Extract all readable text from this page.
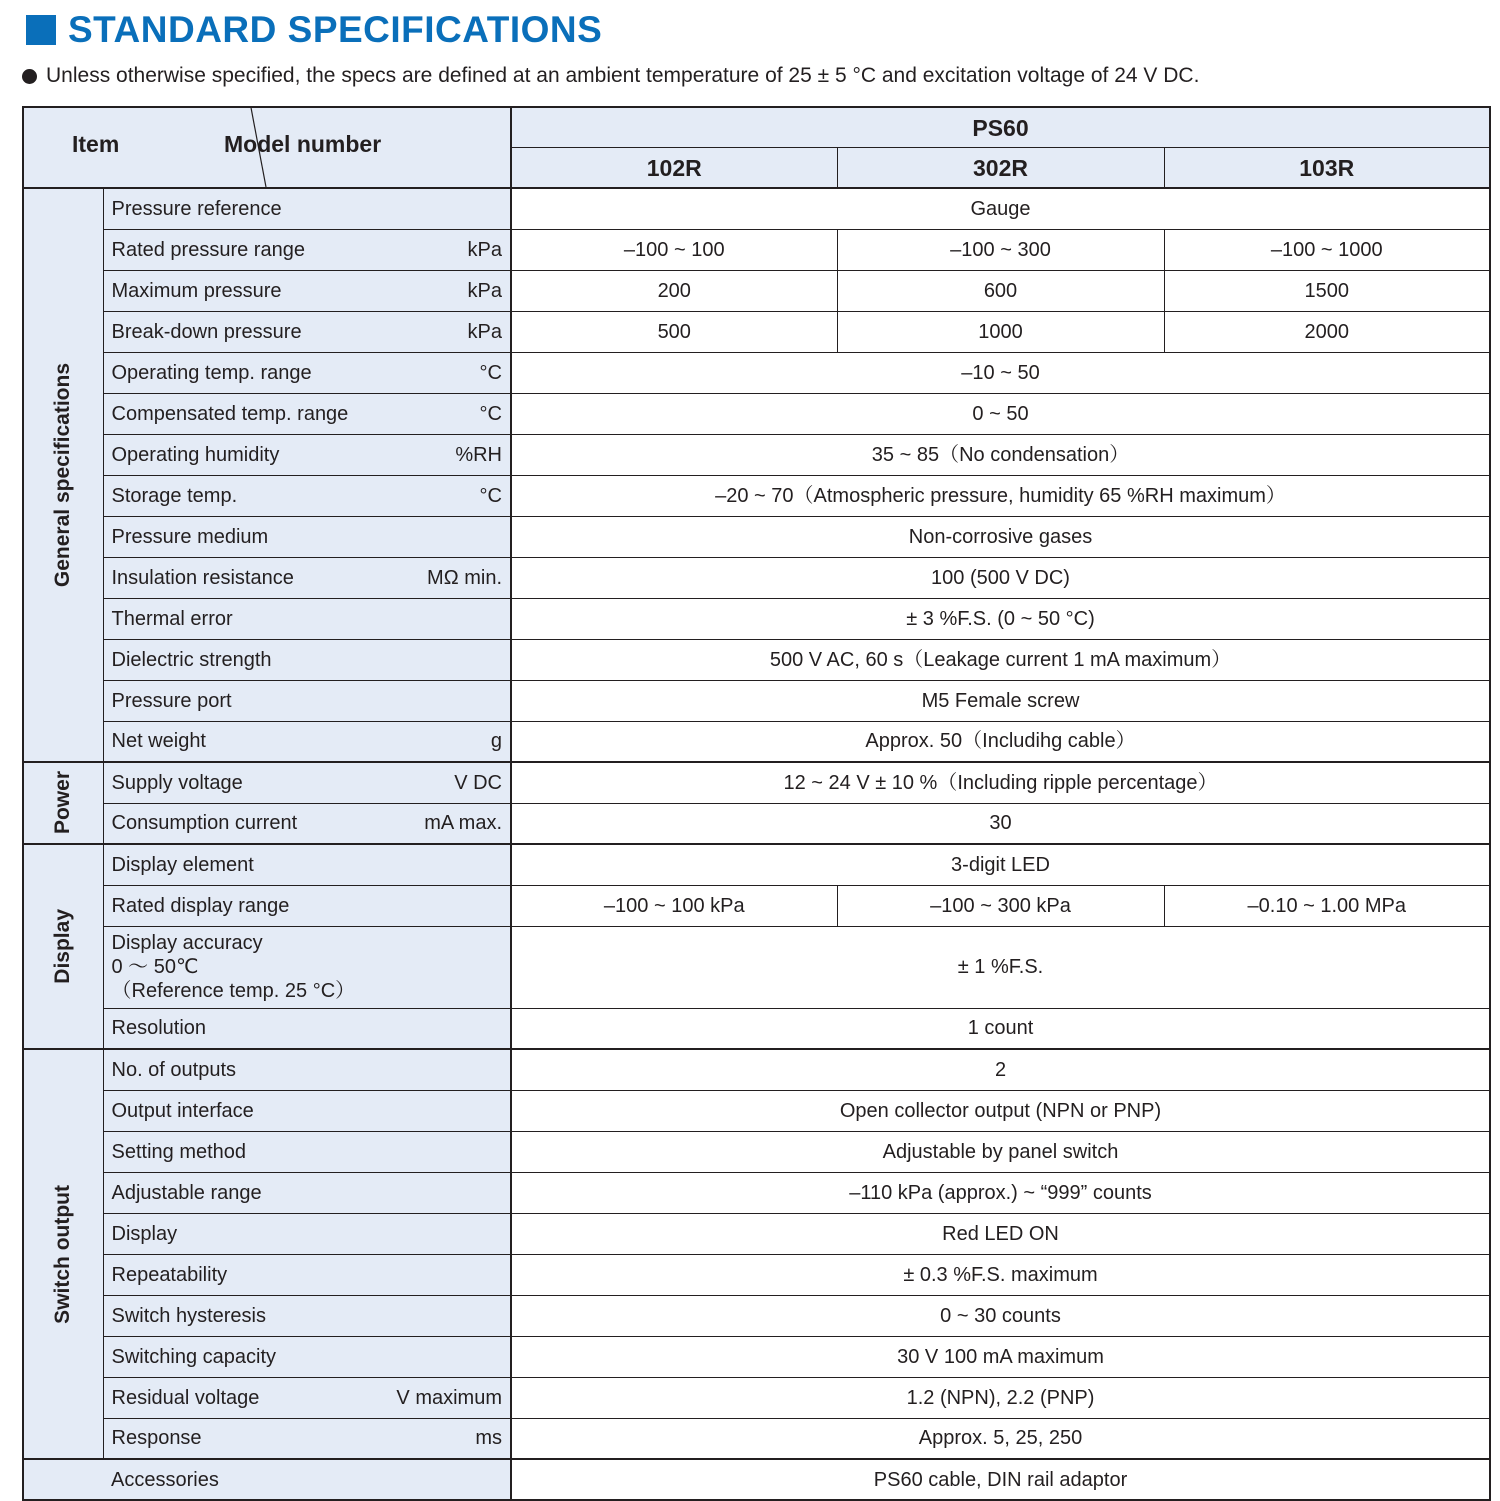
STANDARD SPECIFICATIONS
Unless otherwise specified, the specs are defined at an ambient temperature of 25 ± 5 °C and excitation voltage of 24 V DC.
Item Model number		PS60		
		102R	302R	103R

General specifications	Pressure reference	Gauge		

	Rated pressure range kPa	–100 ~ 100	–100 ~ 300	–100 ~ 1000

	Maximum pressure kPa	200	600	1500

	Break-down pressure kPa	500	1000	2000

	Operating temp. range °C	–10 ~ 50		

	Compensated temp. range °C	0 ~ 50		

	Operating humidity %RH	35 ~ 85（No condensation）		

	Storage temp. °C	–20 ~ 70（Atmospheric pressure, humidity 65 %RH maximum）		

	Pressure medium	Non-corrosive gases		

	Insulation resistance MΩ min.	100 (500 V DC)		

	Thermal error	± 3 %F.S. (0 ~ 50 °C)		

	Dielectric strength	500 V AC, 60 s（Leakage current 1 mA maximum）		

	Pressure port	M5 Female screw		

	Net weight g	Approx. 50（Includihg cable）		

Power	Supply voltage V DC	12 ~ 24 V ± 10 %（Including ripple percentage）		

	Consumption current mA max.	30		

Display	Display element	3-digit LED		

	Rated display range	–100 ~ 100 kPa	–100 ~ 300 kPa	–0.10 ~ 1.00 MPa

	Display accuracy
0 〜 50℃
（Reference temp. 25 °C）	± 1 %F.S.		

	Resolution	1 count		

Switch output	No. of outputs	2		

	Output interface	Open collector output (NPN or PNP)		

	Setting method	Adjustable by panel switch		

	Adjustable range	–110 kPa (approx.) ~ “999” counts		

	Display	Red LED ON		

	Repeatability	± 0.3 %F.S. maximum		

	Switch hysteresis	0 ~ 30 counts		

	Switching capacity	30 V 100 mA maximum		

	Residual voltage V maximum	1.2 (NPN), 2.2 (PNP)		

	Response ms	Approx. 5, 25, 250		

	Accessories	PS60 cable, DIN rail adaptor		
